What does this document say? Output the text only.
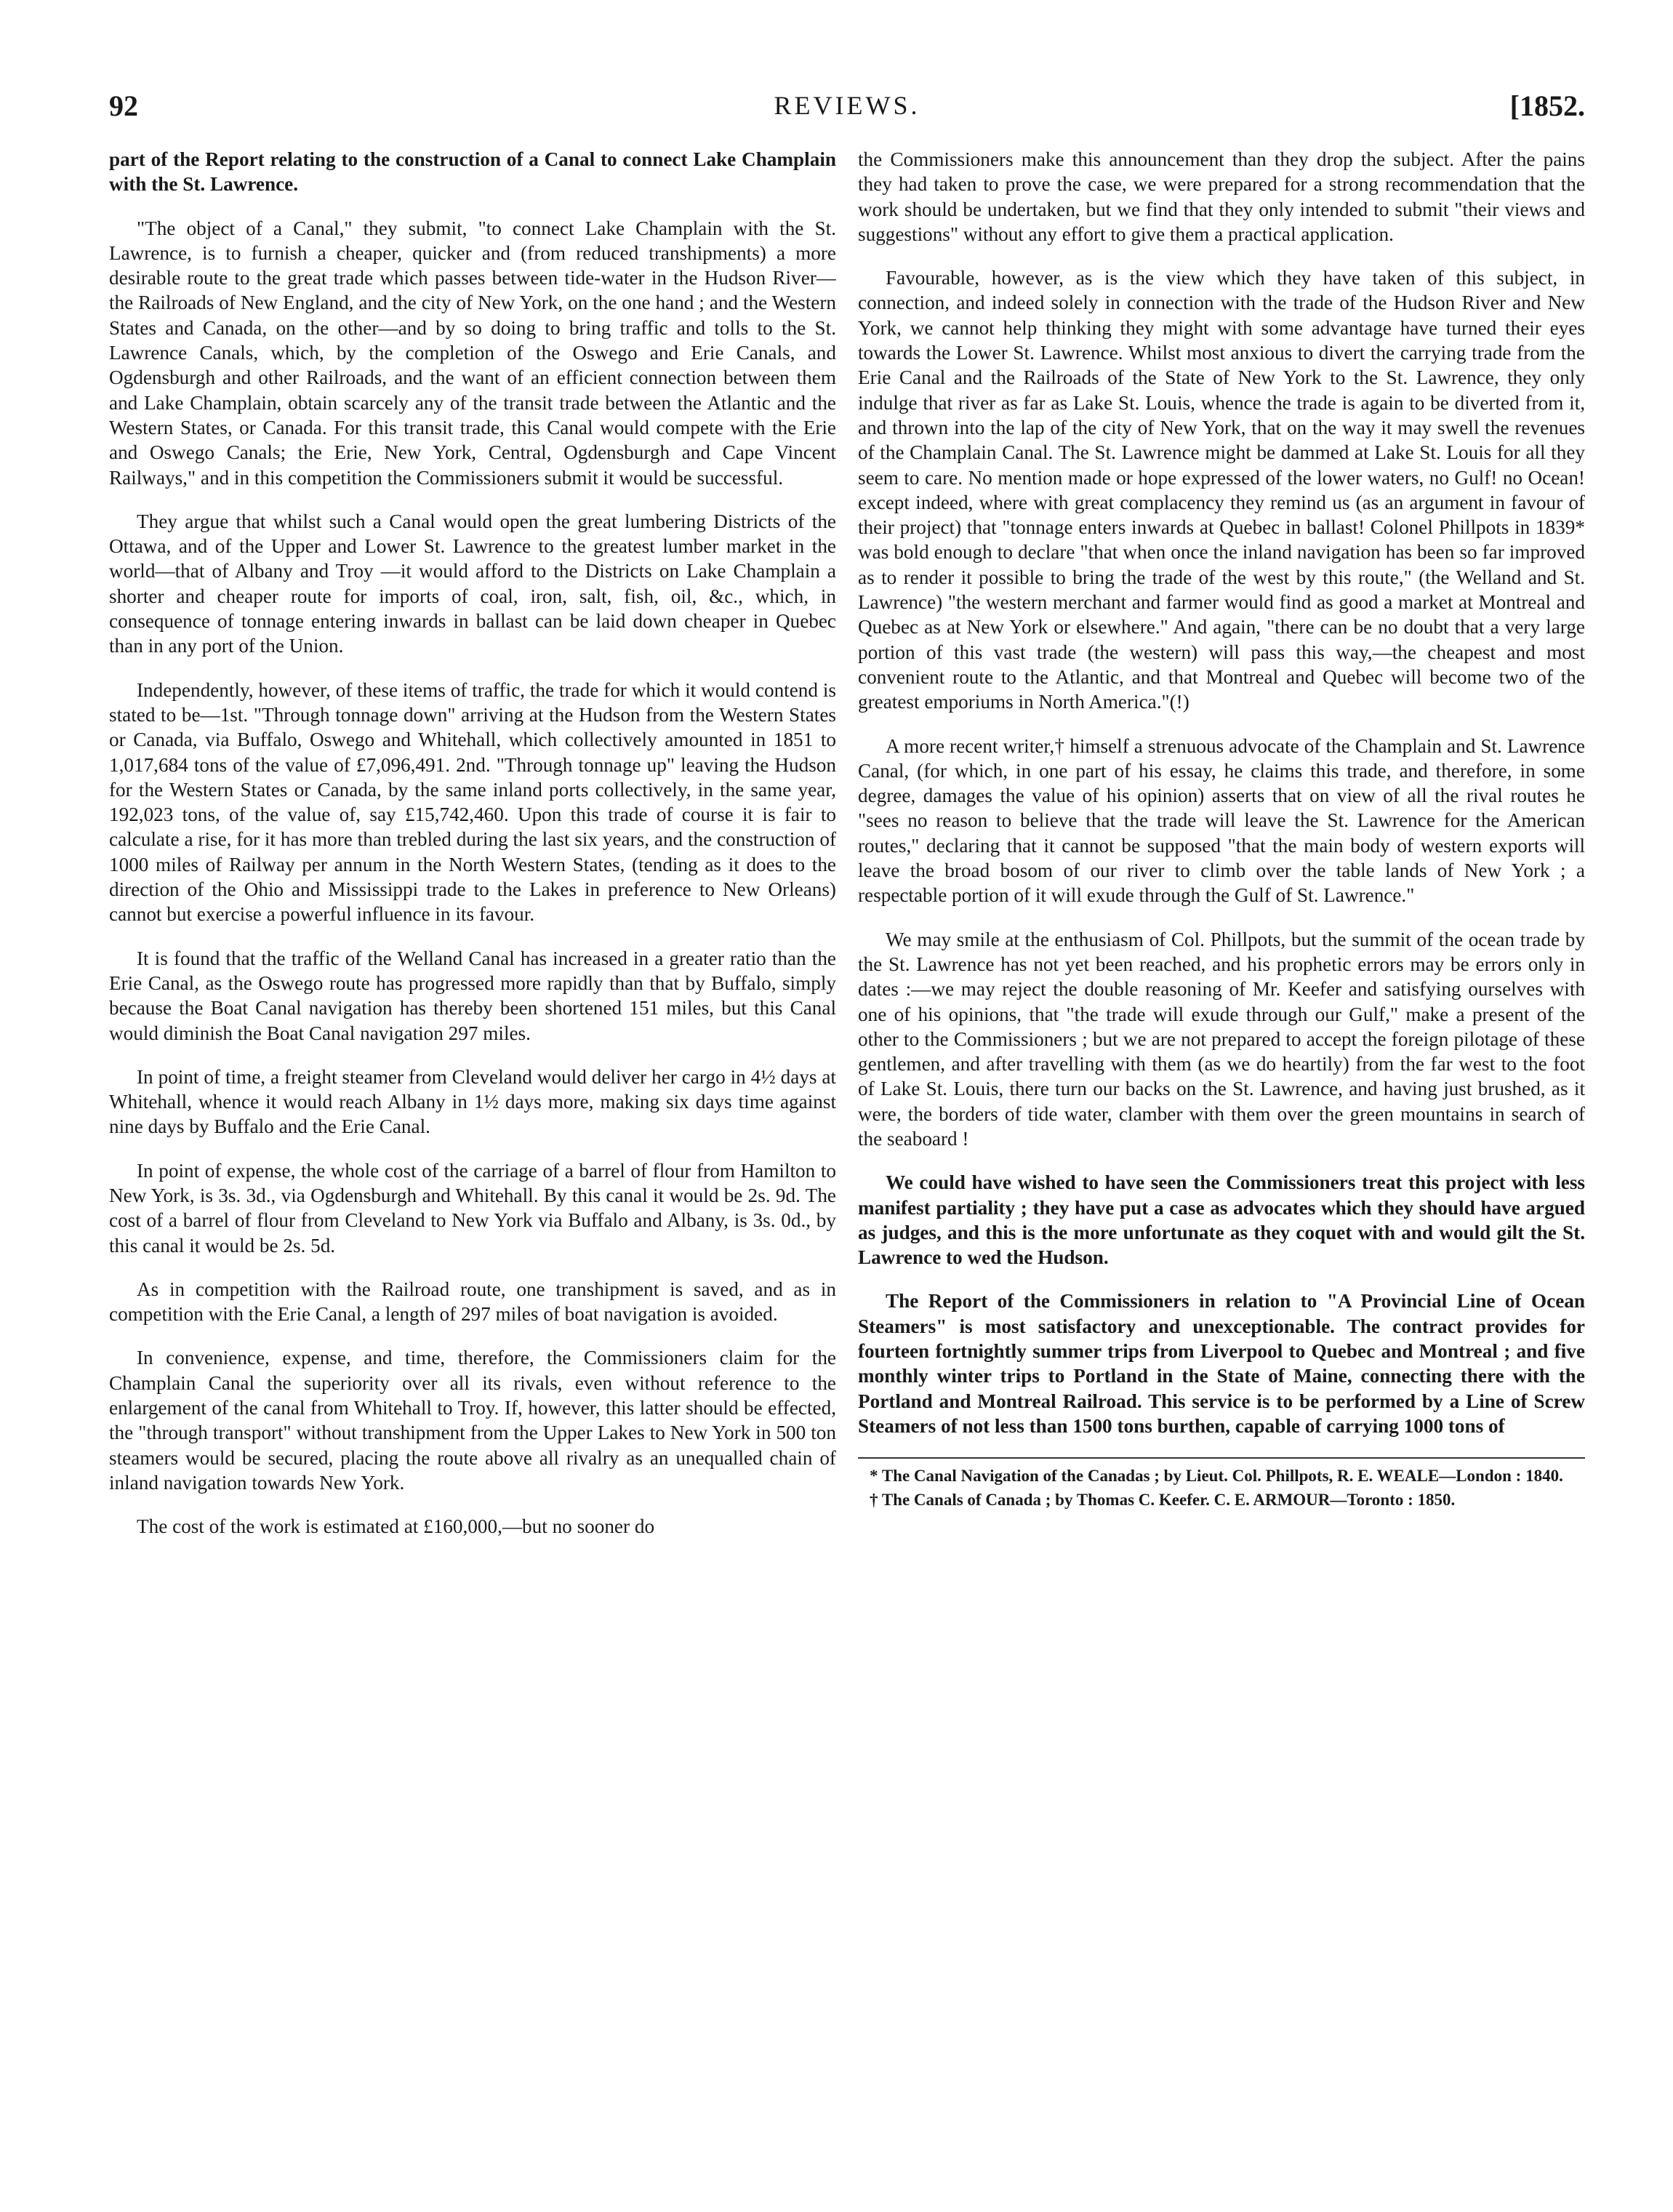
92	REVIEWS.	[1852.

part of the Report relating to the construction of a Canal to connect Lake Champlain with the St. Lawrence.

"The object of a Canal," they submit, "to connect Lake Champlain with the St. Lawrence, is to furnish a cheaper, quicker and (from reduced transhipments) a more desirable route to the great trade which passes between tide-water in the Hudson River—the Railroads of New England, and the city of New York, on the one hand ; and the Western States and Canada, on the other—and by so doing to bring traffic and tolls to the St. Lawrence Canals, which, by the completion of the Oswego and Erie Canals, and Ogdensburgh and other Railroads, and the want of an efficient connection between them and Lake Champlain, obtain scarcely any of the transit trade between the Atlantic and the Western States, or Canada. For this transit trade, this Canal would compete with the Erie and Oswego Canals; the Erie, New York, Central, Ogdensburgh and Cape Vincent Railways," and in this competition the Commissioners submit it would be successful.

They argue that whilst such a Canal would open the great lumbering Districts of the Ottawa, and of the Upper and Lower St. Lawrence to the greatest lumber market in the world—that of Albany and Troy —it would afford to the Districts on Lake Champlain a shorter and cheaper route for imports of coal, iron, salt, fish, oil, &c., which, in consequence of tonnage entering inwards in ballast can be laid down cheaper in Quebec than in any port of the Union.

Independently, however, of these items of traffic, the trade for which it would contend is stated to be—1st. "Through tonnage down" arriving at the Hudson from the Western States or Canada, via Buffalo, Oswego and Whitehall, which collectively amounted in 1851 to 1,017,684 tons of the value of £7,096,491. 2nd. "Through tonnage up" leaving the Hudson for the Western States or Canada, by the same inland ports collectively, in the same year, 192,023 tons, of the value of, say £15,742,460. Upon this trade of course it is fair to calculate a rise, for it has more than trebled during the last six years, and the construction of 1000 miles of Railway per annum in the North Western States, (tending as it does to the direction of the Ohio and Mississippi trade to the Lakes in preference to New Orleans) cannot but exercise a powerful influence in its favour.

It is found that the traffic of the Welland Canal has increased in a greater ratio than the Erie Canal, as the Oswego route has progressed more rapidly than that by Buffalo, simply because the Boat Canal navigation has thereby been shortened 151 miles, but this Canal would diminish the Boat Canal navigation 297 miles.

In point of time, a freight steamer from Cleveland would deliver her cargo in 4½ days at Whitehall, whence it would reach Albany in 1½ days more, making six days time against nine days by Buffalo and the Erie Canal.

In point of expense, the whole cost of the carriage of a barrel of flour from Hamilton to New York, is 3s. 3d., via Ogdensburgh and Whitehall. By this canal it would be 2s. 9d. The cost of a barrel of flour from Cleveland to New York via Buffalo and Albany, is 3s. 0d., by this canal it would be 2s. 5d.

As in competition with the Railroad route, one transhipment is saved, and as in competition with the Erie Canal, a length of 297 miles of boat navigation is avoided.

In convenience, expense, and time, therefore, the Commissioners claim for the Champlain Canal the superiority over all its rivals, even without reference to the enlargement of the canal from Whitehall to Troy. If, however, this latter should be effected, the "through transport" without transhipment from the Upper Lakes to New York in 500 ton steamers would be secured, placing the route above all rivalry as an unequalled chain of inland navigation towards New York.

The cost of the work is estimated at £160,000,—but no sooner do

the Commissioners make this announcement than they drop the subject. After the pains they had taken to prove the case, we were prepared for a strong recommendation that the work should be undertaken, but we find that they only intended to submit "their views and suggestions" without any effort to give them a practical application.

Favourable, however, as is the view which they have taken of this subject, in connection, and indeed solely in connection with the trade of the Hudson River and New York, we cannot help thinking they might with some advantage have turned their eyes towards the Lower St. Lawrence. Whilst most anxious to divert the carrying trade from the Erie Canal and the Railroads of the State of New York to the St. Lawrence, they only indulge that river as far as Lake St. Louis, whence the trade is again to be diverted from it, and thrown into the lap of the city of New York, that on the way it may swell the revenues of the Champlain Canal. The St. Lawrence might be dammed at Lake St. Louis for all they seem to care. No mention made or hope expressed of the lower waters, no Gulf! no Ocean! except indeed, where with great complacency they remind us (as an argument in favour of their project) that "tonnage enters inwards at Quebec in ballast! Colonel Phillpots in 1839* was bold enough to declare "that when once the inland navigation has been so far improved as to render it possible to bring the trade of the west by this route," (the Welland and St. Lawrence) "the western merchant and farmer would find as good a market at Montreal and Quebec as at New York or elsewhere." And again, "there can be no doubt that a very large portion of this vast trade (the western) will pass this way,—the cheapest and most convenient route to the Atlantic, and that Montreal and Quebec will become two of the greatest emporiums in North America."(!)

A more recent writer,† himself a strenuous advocate of the Champlain and St. Lawrence Canal, (for which, in one part of his essay, he claims this trade, and therefore, in some degree, damages the value of his opinion) asserts that on view of all the rival routes he "sees no reason to believe that the trade will leave the St. Lawrence for the American routes," declaring that it cannot be supposed "that the main body of western exports will leave the broad bosom of our river to climb over the table lands of New York ; a respectable portion of it will exude through the Gulf of St. Lawrence."

We may smile at the enthusiasm of Col. Phillpots, but the summit of the ocean trade by the St. Lawrence has not yet been reached, and his prophetic errors may be errors only in dates :—we may reject the double reasoning of Mr. Keefer and satisfying ourselves with one of his opinions, that "the trade will exude through our Gulf," make a present of the other to the Commissioners ; but we are not prepared to accept the foreign pilotage of these gentlemen, and after travelling with them (as we do heartily) from the far west to the foot of Lake St. Louis, there turn our backs on the St. Lawrence, and having just brushed, as it were, the borders of tide water, clamber with them over the green mountains in search of the seaboard !

We could have wished to have seen the Commissioners treat this project with less manifest partiality ; they have put a case as advocates which they should have argued as judges, and this is the more unfortunate as they coquet with and would gilt the St. Lawrence to wed the Hudson.

The Report of the Commissioners in relation to "A Provincial Line of Ocean Steamers" is most satisfactory and unexceptionable. The contract provides for fourteen fortnightly summer trips from Liverpool to Quebec and Montreal ; and five monthly winter trips to Portland in the State of Maine, connecting there with the Portland and Montreal Railroad. This service is to be performed by a Line of Screw Steamers of not less than 1500 tons burthen, capable of carrying 1000 tons of

* The Canal Navigation of the Canadas ; by Lieut. Col. Phillpots, R. E. WEALE—London : 1840.

† The Canals of Canada ; by Thomas C. Keefer. C. E. ARMOUR—Toronto : 1850.
